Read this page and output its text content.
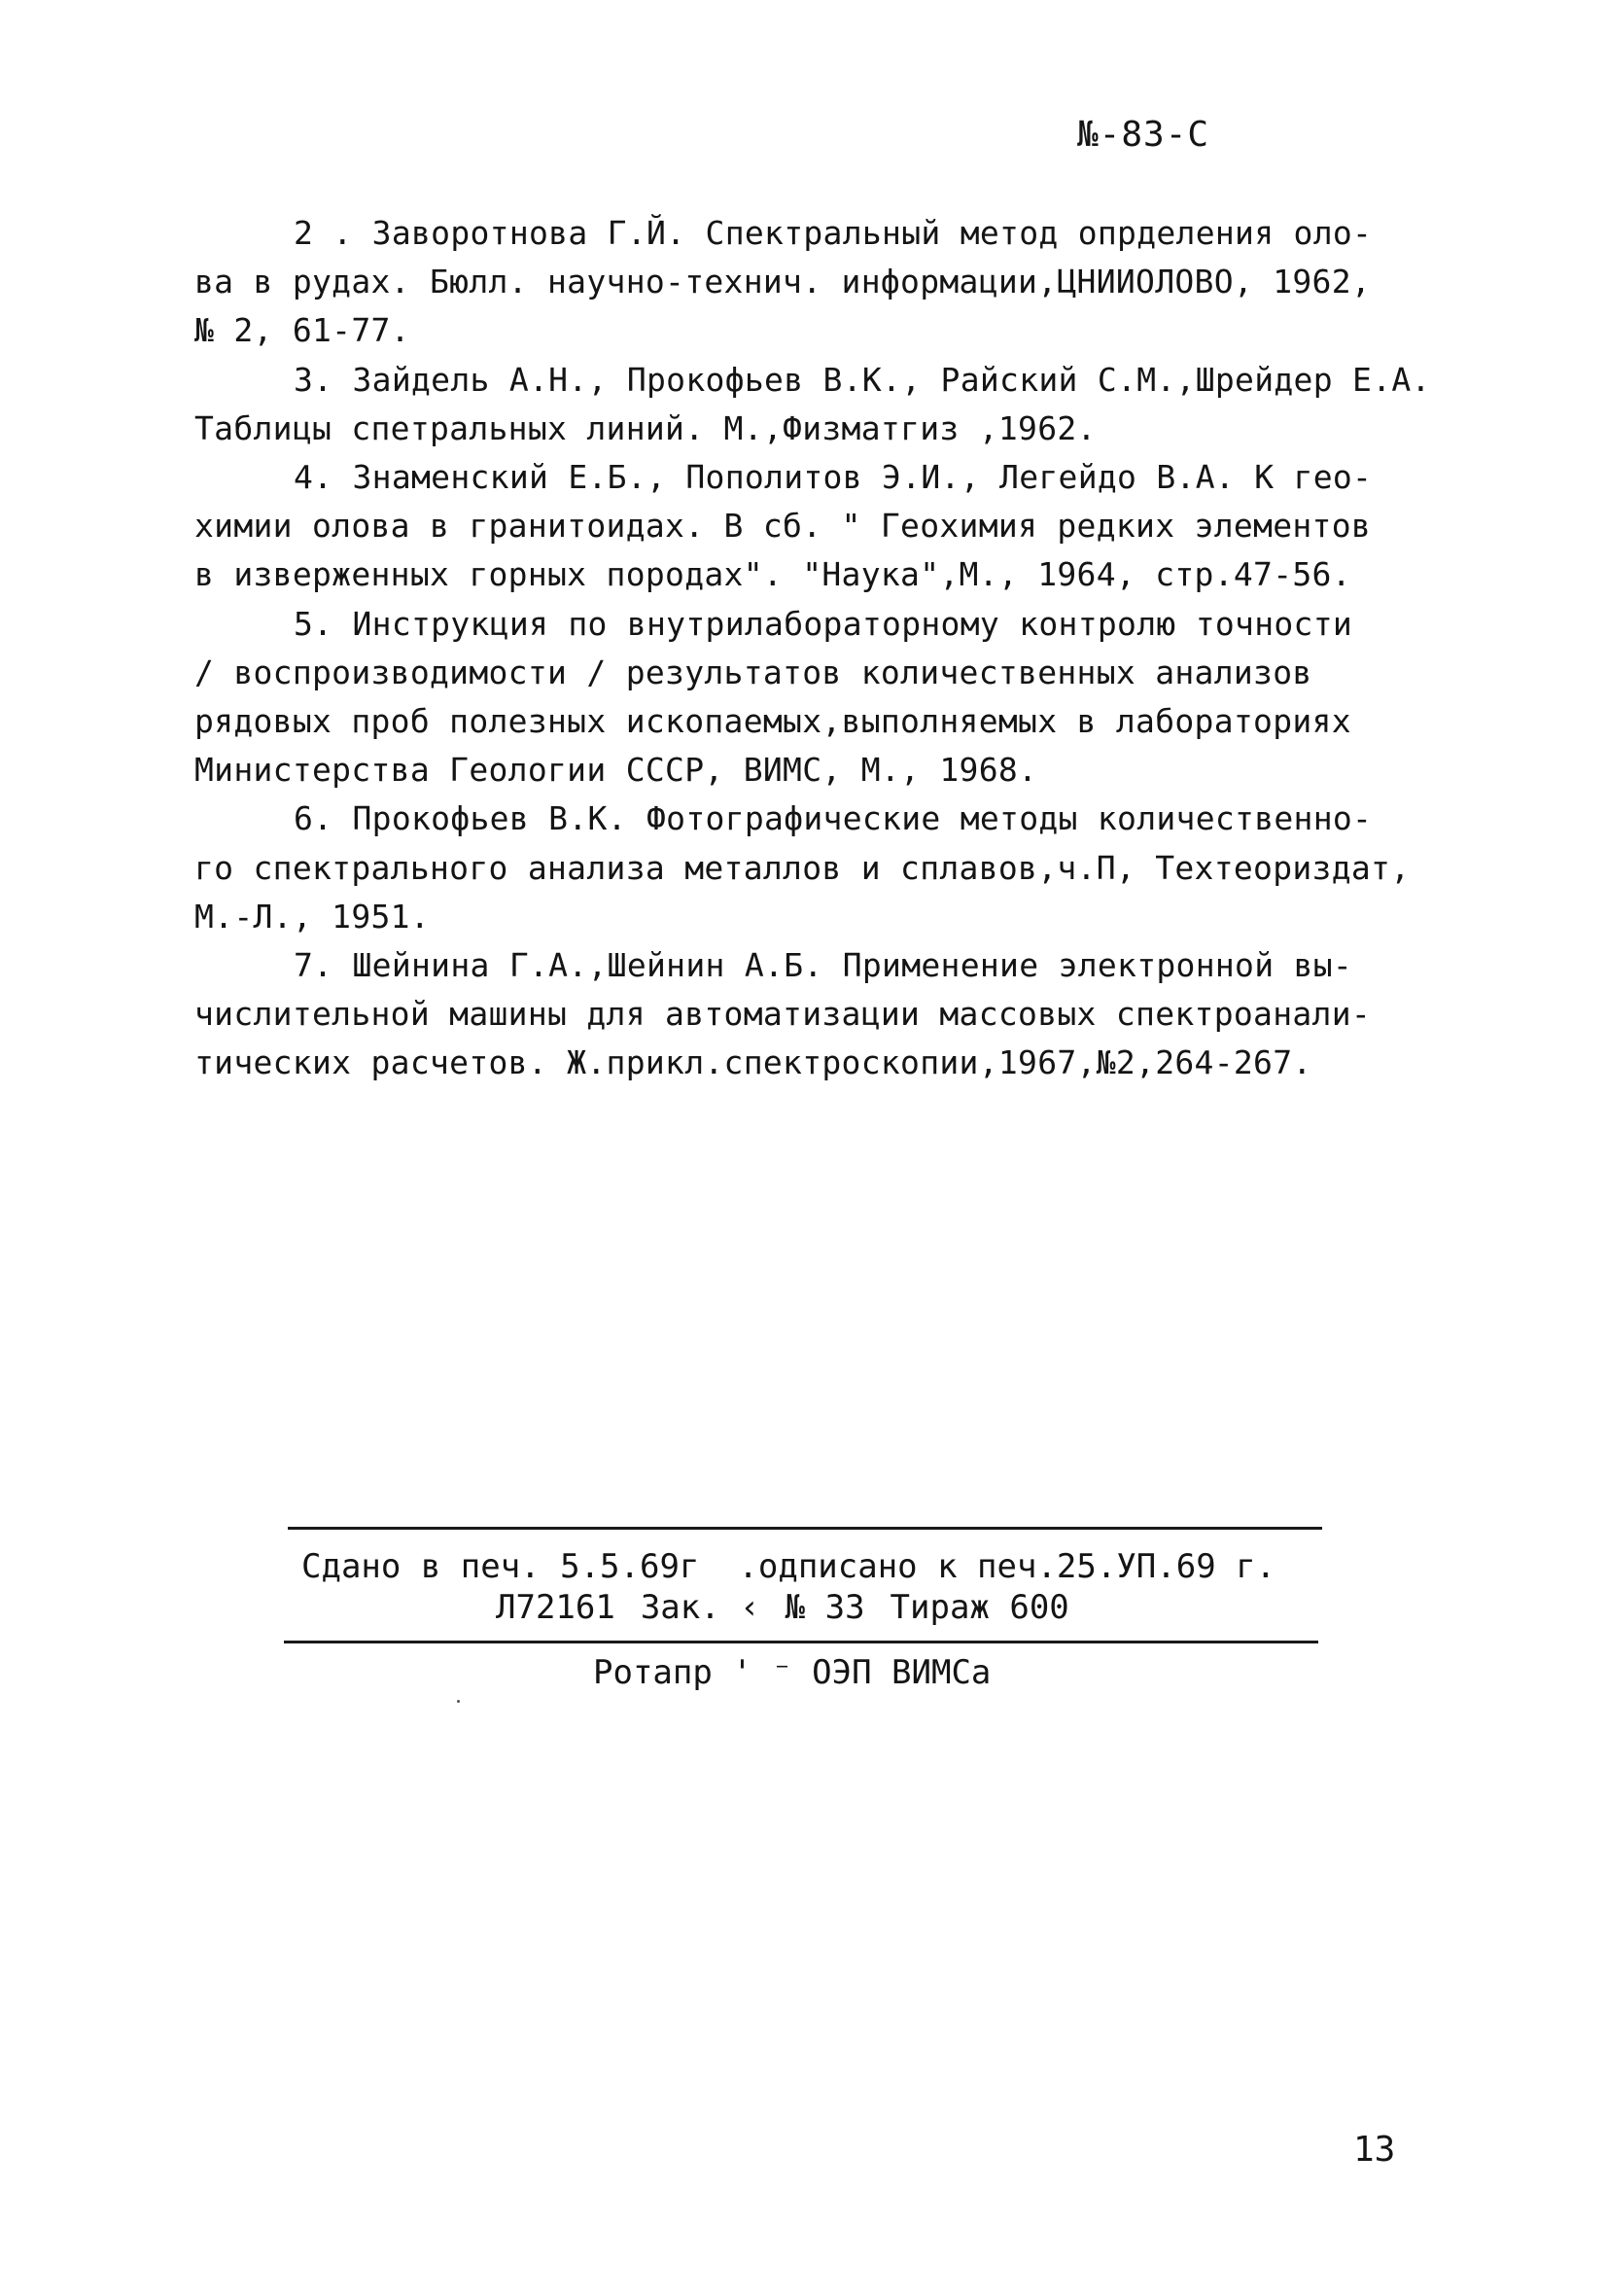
№-83-С
2 . Заворотнова Г.Й. Спектральный метод опрделения оло-
ва в рудах. Бюлл. научно-технич. информации,ЦНИИОЛОВО, 1962,
№ 2, 61-77.
3. Зайдель А.Н., Прокофьев В.К., Райский С.М.,Шрейдер Е.А.
Таблицы спетральных линий. М.,Физматгиз ,1962.
4. Знаменский Е.Б., Пополитов Э.И., Легейдо В.А. К гео-
химии олова в гранитоидах. В сб. " Геохимия редких элементов
в изверженных горных породах". "Наука",М., 1964, стр.47-56.
5. Инструкция по внутрилабораторному контролю точности
/ воспроизводимости / результатов количественных анализов
рядовых проб полезных ископаемых,выполняемых в лабораториях
Министерства Геологии СССР, ВИМС, М., 1968.
6. Прокофьев В.К. Фотографические методы количественно-
го спектрального анализа металлов и сплавов,ч.П, Техтеориздат,
М.-Л., 1951.
7. Шейнина Г.А.,Шейнин А.Б. Применение электронной вы-
числительной машины для автоматизации массовых спектроанали-
тических расчетов. Ж.прикл.спектроскопии,1967,№2,264-267.
Сдано в печ. 5.5.69г .одписано к печ.25.УП.69 г.
Л72161 Зак. ‹ № 33 Тираж 600
Ротапр ' ⁻ ОЭП ВИМСа
13
